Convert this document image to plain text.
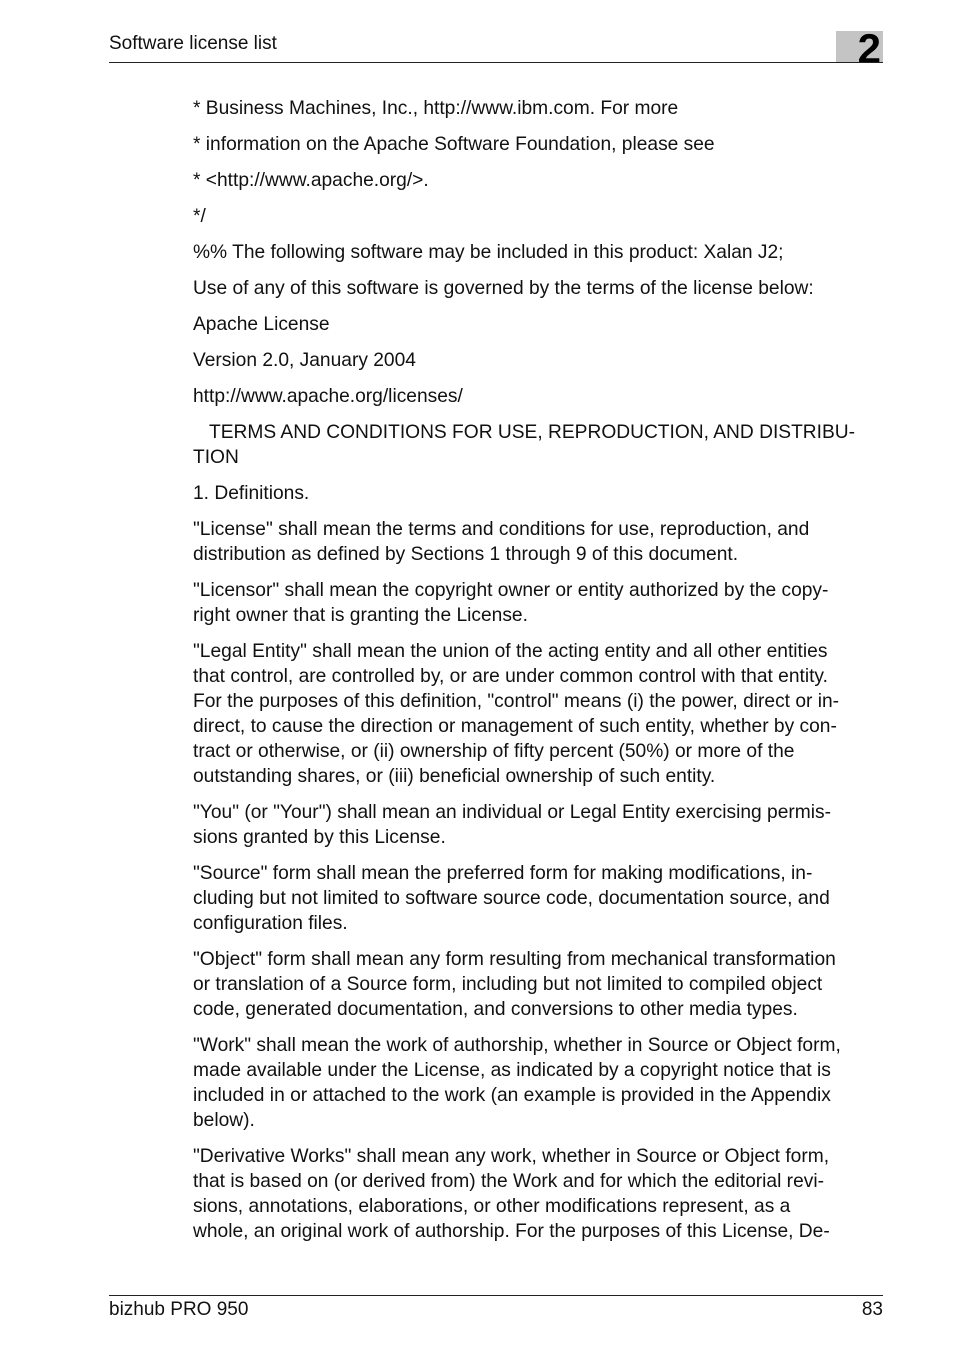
Software license list	2

* Business Machines, Inc., http://www.ibm.com. For more

* information on the Apache Software Foundation, please see

* <http://www.apache.org/>.

*/

%% The following software may be included in this product: Xalan J2;

Use of any of this software is governed by the terms of the license below:

Apache License

Version 2.0, January 2004

http://www.apache.org/licenses/

TERMS AND CONDITIONS FOR USE, REPRODUCTION, AND DISTRIBU-
TION

1. Definitions.

"License" shall mean the terms and conditions for use, reproduction, and
distribution as defined by Sections 1 through 9 of this document.

"Licensor" shall mean the copyright owner or entity authorized by the copy-
right owner that is granting the License.

"Legal Entity" shall mean the union of the acting entity and all other entities
that control, are controlled by, or are under common control with that entity.
For the purposes of this definition, "control" means (i) the power, direct or in-
direct, to cause the direction or management of such entity, whether by con-
tract or otherwise, or (ii) ownership of fifty percent (50%) or more of the
outstanding shares, or (iii) beneficial ownership of such entity.

"You" (or "Your") shall mean an individual or Legal Entity exercising permis-
sions granted by this License.

"Source" form shall mean the preferred form for making modifications, in-
cluding but not limited to software source code, documentation source, and
configuration files.

"Object" form shall mean any form resulting from mechanical transformation
or translation of a Source form, including but not limited to compiled object
code, generated documentation, and conversions to other media types.

"Work" shall mean the work of authorship, whether in Source or Object form,
made available under the License, as indicated by a copyright notice that is
included in or attached to the work (an example is provided in the Appendix
below).

"Derivative Works" shall mean any work, whether in Source or Object form,
that is based on (or derived from) the Work and for which the editorial revi-
sions, annotations, elaborations, or other modifications represent, as a
whole, an original work of authorship. For the purposes of this License, De-

bizhub PRO 950	83
